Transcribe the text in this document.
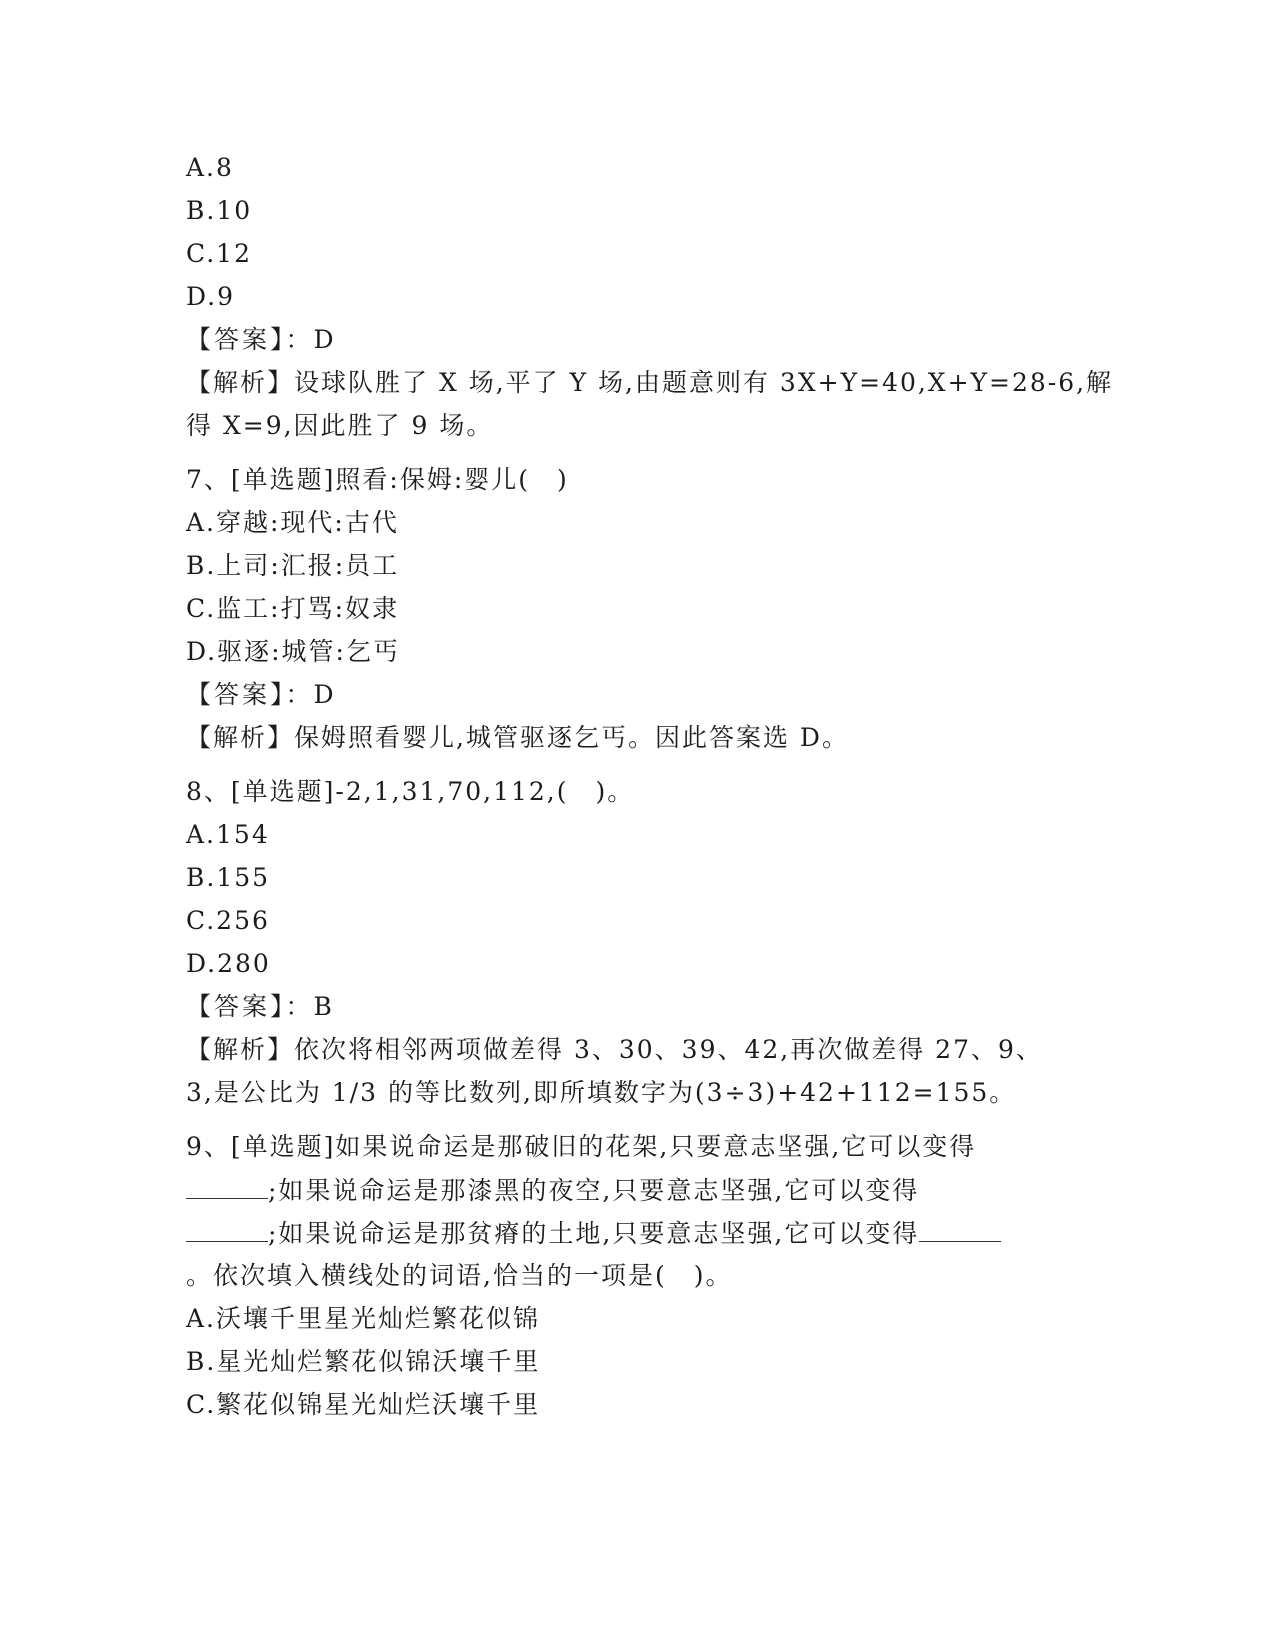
A.8
B.10
C.12
D.9
【答案】：D
【解析】设球队胜了 X 场,平了 Y 场,由题意则有 3X+Y=40,X+Y=28-6,解
得 X=9,因此胜了 9 场。
7、[单选题]照看:保姆:婴儿(　)
A.穿越:现代:古代
B.上司:汇报:员工
C.监工:打骂:奴隶
D.驱逐:城管:乞丐
【答案】：D
【解析】保姆照看婴儿,城管驱逐乞丐。因此答案选 D。
8、[单选题]-2,1,31,70,112,(　)。
A.154
B.155
C.256
D.280
【答案】：B
【解析】依次将相邻两项做差得 3、30、39、42,再次做差得 27、9、
3,是公比为 1/3 的等比数列,即所填数字为(3÷3)+42+112=155。
9、[单选题]如果说命运是那破旧的花架,只要意志坚强,它可以变得
;如果说命运是那漆黑的夜空,只要意志坚强,它可以变得
;如果说命运是那贫瘠的土地,只要意志坚强,它可以变得
。依次填入横线处的词语,恰当的一项是(　)。
A.沃壤千里星光灿烂繁花似锦
B.星光灿烂繁花似锦沃壤千里
C.繁花似锦星光灿烂沃壤千里
